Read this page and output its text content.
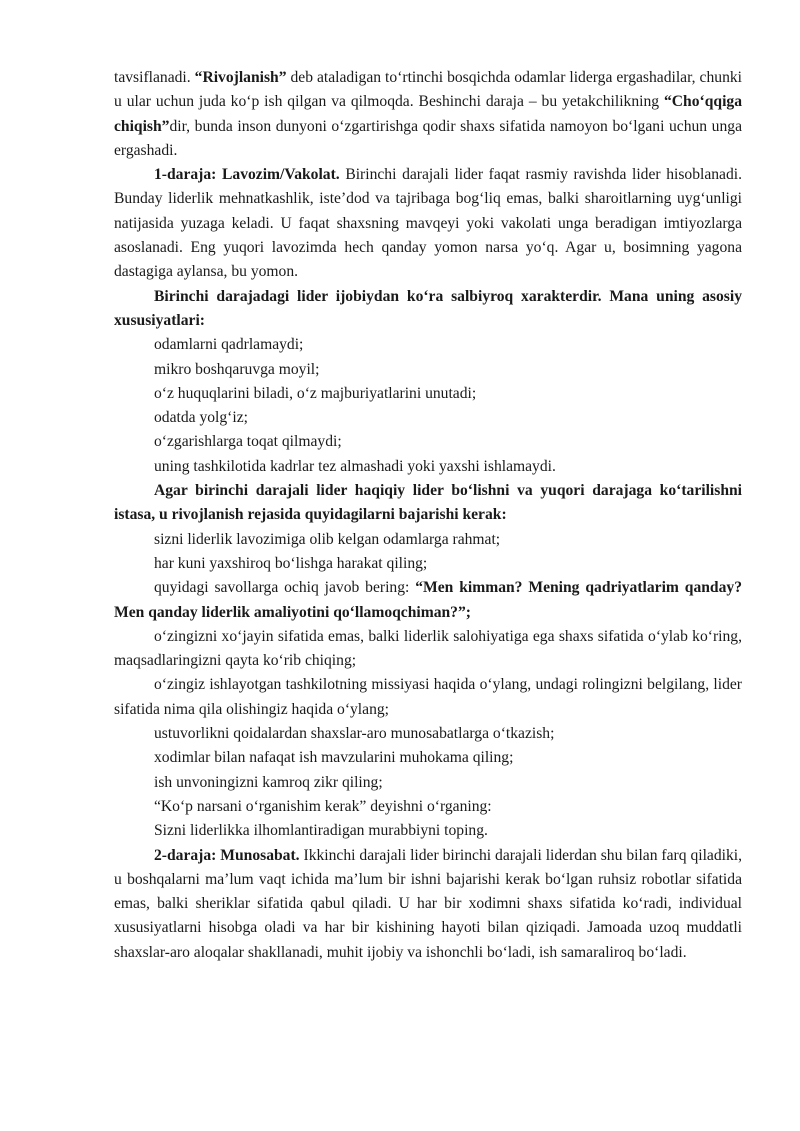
tavsiflanadi. “Rivojlanish” deb ataladigan to‘rtinchi bosqichda odamlar liderga ergashadilar, chunki u ular uchun juda ko‘p ish qilgan va qilmoqda. Beshinchi daraja – bu yetakchilikning “Cho‘qqiga chiqish”dir, bunda inson dunyoni o‘zgartirishga qodir shaxs sifatida namoyon bo‘lgani uchun unga ergashadi.

1-daraja: Lavozim/Vakolat. Birinchi darajali lider faqat rasmiy ravishda lider hisoblanadi. Bunday liderlik mehnatkashlik, iste’dod va tajribaga bog‘liq emas, balki sharoitlarning uyg‘unligi natijasida yuzaga keladi. U faqat shaxsning mavqeyi yoki vakolati unga beradigan imtiyozlarga asoslanadi. Eng yuqori lavozimda hech qanday yomon narsa yo‘q. Agar u, bosimning yagona dastagiga aylansa, bu yomon.

Birinchi darajadagi lider ijobiydan ko‘ra salbiyroq xarakterdir. Mana uning asosiy xususiyatlari:

odamlarni qadrlamaydi;

mikro boshqaruvga moyil;

o‘z huquqlarini biladi, o‘z majburiyatlarini unutadi;

odatda yolg‘iz;

o‘zgarishlarga toqat qilmaydi;

uning tashkilotida kadrlar tez almashadi yoki yaxshi ishlamaydi.

Agar birinchi darajali lider haqiqiy lider bo‘lishni va yuqori darajaga ko‘tarilishni istasa, u rivojlanish rejasida quyidagilarni bajarishi kerak:

sizni liderlik lavozimiga olib kelgan odamlarga rahmat;

har kuni yaxshiroq bo‘lishga harakat qiling;

quyidagi savollarga ochiq javob bering: “Men kimman? Mening qadriyatlarim qanday? Men qanday liderlik amaliyotini qo‘llamoqchiman?”;

o‘zingizni xo‘jayin sifatida emas, balki liderlik salohiyatiga ega shaxs sifatida o‘ylab ko‘ring, maqsadlaringizni qayta ko‘rib chiqing;

o‘zingiz ishlayotgan tashkilotning missiyasi haqida o‘ylang, undagi rolingizni belgilang, lider sifatida nima qila olishingiz haqida o‘ylang;

ustuvorlikni qoidalardan shaxslar-aro munosabatlarga o‘tkazish;

xodimlar bilan nafaqat ish mavzularini muhokama qiling;

ish unvoningizni kamroq zikr qiling;

“Ko‘p narsani o‘rganishim kerak” deyishni o‘rganing:

Sizni liderlikka ilhomlantiradigan murabbiyni toping.

2-daraja: Munosabat. Ikkinchi darajali lider birinchi darajali liderdan shu bilan farq qiladiki, u boshqalarni ma’lum vaqt ichida ma’lum bir ishni bajarishi kerak bo‘lgan ruhsiz robotlar sifatida emas, balki sheriklar sifatida qabul qiladi. U har bir xodimni shaxs sifatida ko‘radi, individual xususiyatlarni hisobga oladi va har bir kishining hayoti bilan qiziqadi. Jamoada uzoq muddatli shaxslar-aro aloqalar shakllanadi, muhit ijobiy va ishonchli bo‘ladi, ish samaraliroq bo‘ladi.
